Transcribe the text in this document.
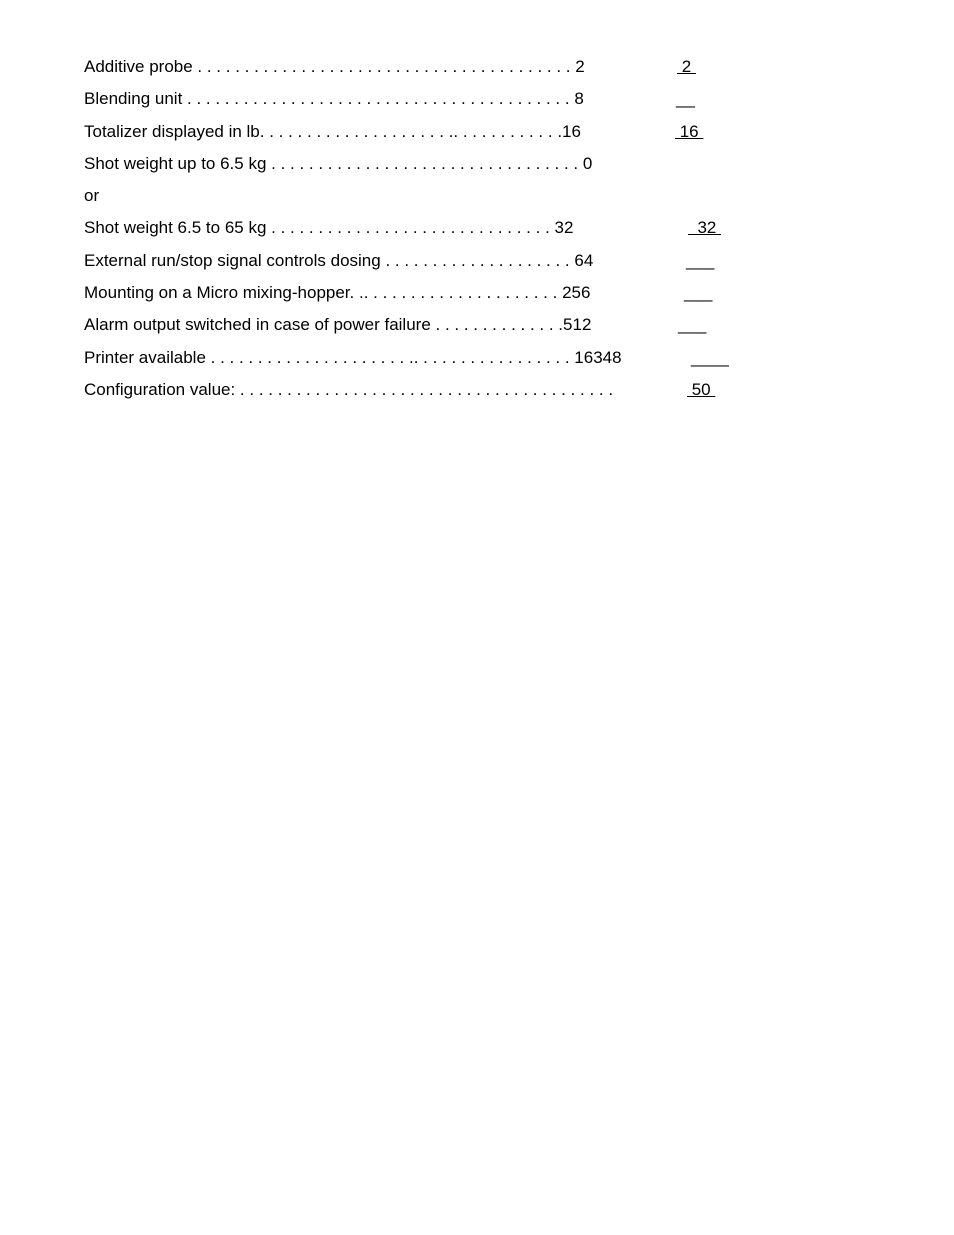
Additive probe . . . . . . . . . . . . . . . . . . . . . . . . . . . . . . . . . . . . . . . . 2	2
Blending unit . . . . . . . . . . . . . . . . . . . . . . . . . . . . . . . . . . . . . . . . . 8	__
Totalizer displayed in lb. . . . . . . . . . . . . . . . . . . . .. . . . . . . . . . . .16	16
Shot weight up to 6.5 kg . . . . . . . . . . . . . . . . . . . . . . . . . . . . . . . . . 0
or
Shot weight 6.5 to 65 kg . . . . . . . . . . . . . . . . . . . . . . . . . . . . . . 32	32
External run/stop signal controls dosing . . . . . . . . . . . . . . . . . . . . 64	___
Mounting on a Micro mixing-hopper. .. . . . . . . . . . . . . . . . . . . . . 256	___
Alarm output switched in case of power failure . . . . . . . . . . . . . .512	___
Printer available . . . . . . . . . . . . . . . . . . . . . .. . . . . . . . . . . . . . . . . 16348	____
Configuration value: . . . . . . . . . . . . . . . . . . . . . . . . . . . . . . . . . . . . . . . .	50
